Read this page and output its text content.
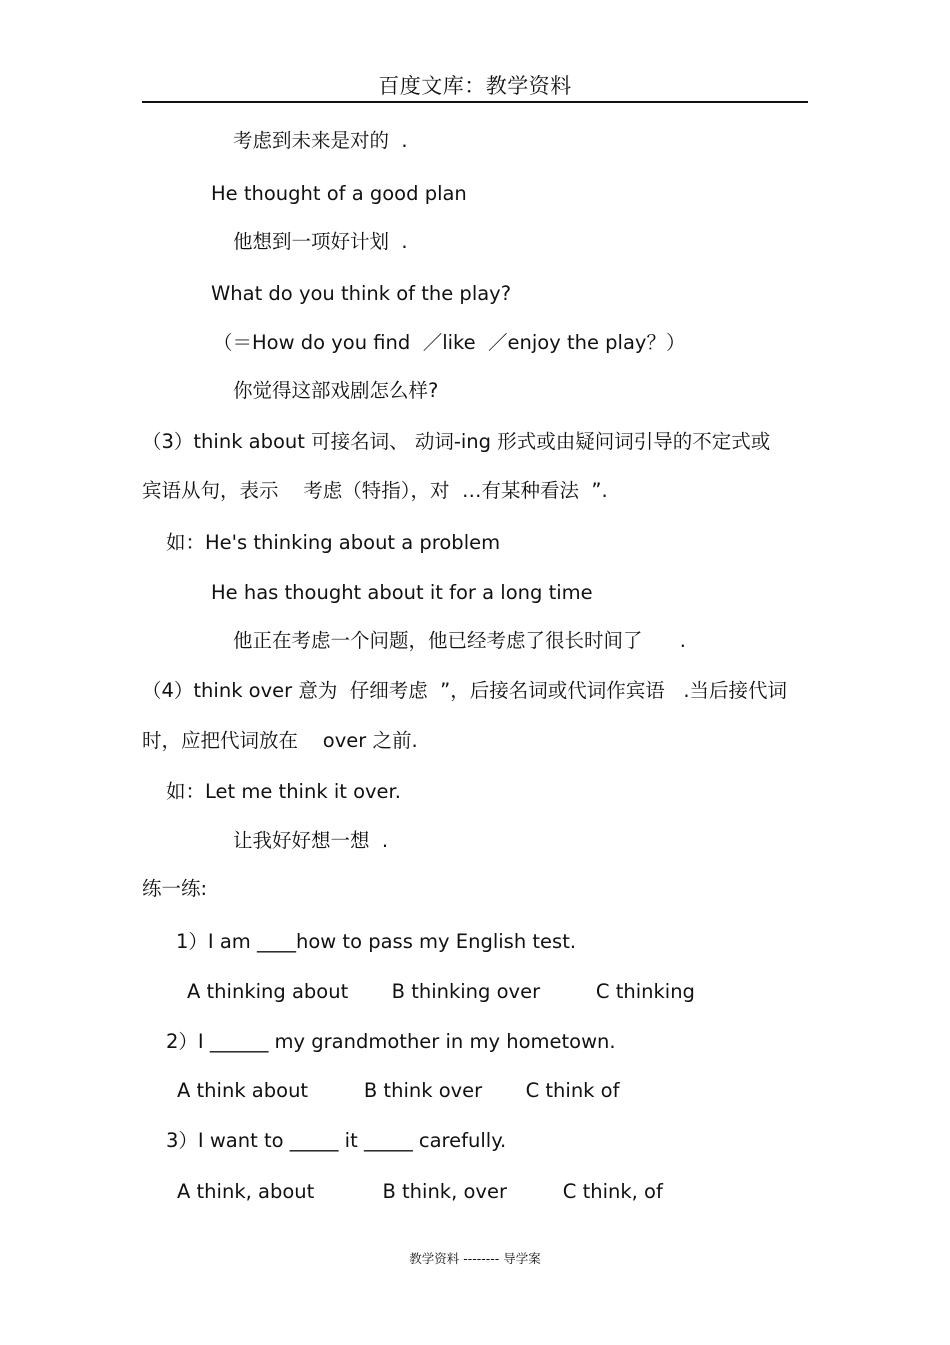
百度文库：教学资料
考虑到未来是对的  .
He thought of a good plan
他想到一项好计划  .
What do you think of the play?
（＝How do you find  ／like  ／enjoy the play？）
你觉得这部戏剧怎么样?
（3）think about 可接名词、 动词-ing 形式或由疑问词引导的不定式或
宾语从句，表示    考虑（特指），对  …有某种看法  ”.
如：He's thinking about a problem
He has thought about it for a long time
他正在考虑一个问题，他已经考虑了很长时间了      .
（4）think over 意为  仔细考虑  ”，后接名词或代词作宾语   .当后接代词
时，应把代词放在    over 之前.
如：Let me think it over.
让我好好想一想  .
练一练:
1）I am ____how to pass my English test.
A thinking about       B thinking over         C thinking
2）I ______ my grandmother in my hometown.
A think about         B think over       C think of
3）I want to _____ it _____ carefully.
A think, about           B think, over         C think, of
教学资料 -------- 导学案
